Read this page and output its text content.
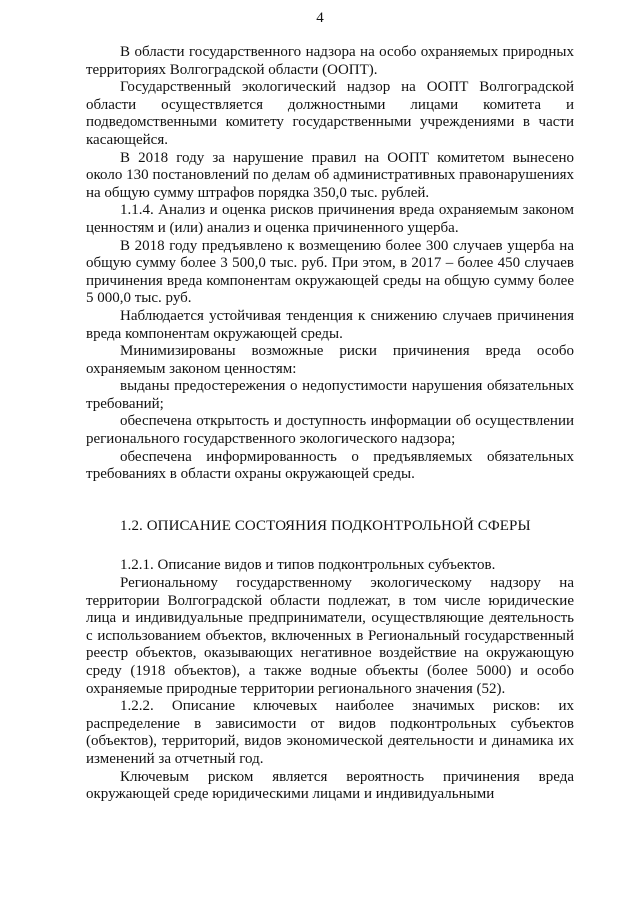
4

В области государственного надзора на особо охраняемых природных территориях Волгоградской области (ООПТ).

Государственный экологический надзор на ООПТ Волгоградской области осуществляется должностными лицами комитета и подведомственными комитету государственными учреждениями в части касающейся.

В 2018 году за нарушение правил на ООПТ комитетом вынесено около 130 постановлений по делам об административных правонарушениях на общую сумму штрафов порядка 350,0 тыс. рублей.

1.1.4. Анализ и оценка рисков причинения вреда охраняемым законом ценностям и (или) анализ и оценка причиненного ущерба.

В 2018 году предъявлено к возмещению более 300 случаев ущерба на общую сумму более 3 500,0 тыс. руб. При этом, в 2017 – более 450 случаев причинения вреда компонентам окружающей среды на общую сумму более 5 000,0 тыс. руб.

Наблюдается устойчивая тенденция к снижению случаев причинения вреда компонентам окружающей среды.

Минимизированы возможные риски причинения вреда особо охраняемым законом ценностям:

выданы предостережения о недопустимости нарушения обязательных требований;

обеспечена открытость и доступность информации об осуществлении регионального государственного экологического надзора;

обеспечена информированность о предъявляемых обязательных требованиях в области охраны окружающей среды.

1.2. ОПИСАНИЕ СОСТОЯНИЯ ПОДКОНТРОЛЬНОЙ СФЕРЫ

1.2.1. Описание видов и типов подконтрольных субъектов.

Региональному государственному экологическому надзору на территории Волгоградской области подлежат, в том числе юридические лица и индивидуальные предприниматели, осуществляющие деятельность с использованием объектов, включенных в Региональный государственный реестр объектов, оказывающих негативное воздействие на окружающую среду (1918 объектов), а также водные объекты (более 5000) и особо охраняемые природные территории регионального значения (52).

1.2.2. Описание ключевых наиболее значимых рисков: их распределение в зависимости от видов подконтрольных субъектов (объектов), территорий, видов экономической деятельности и динамика их изменений за отчетный год.

Ключевым риском является вероятность причинения вреда окружающей среде юридическими лицами и индивидуальными
